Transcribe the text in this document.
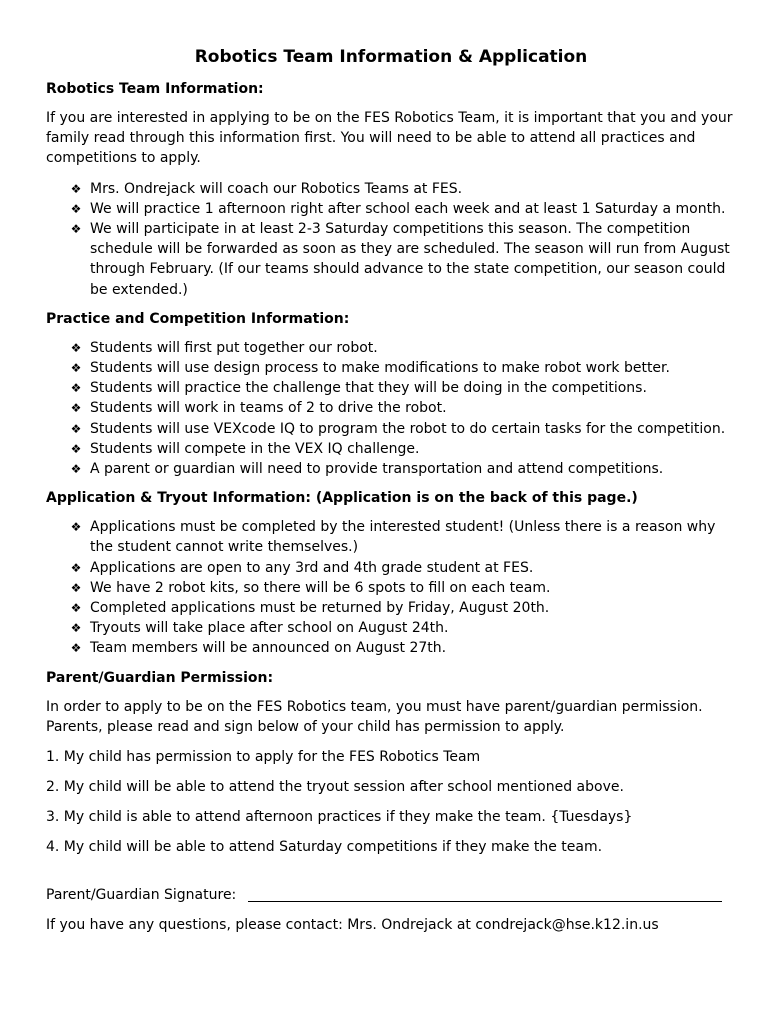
Robotics Team Information & Application
Robotics Team Information:
If you are interested in applying to be on the FES Robotics Team, it is important that you and your family read through this information first. You will need to be able to attend all practices and competitions to apply.
❖ Mrs. Ondrejack will coach our Robotics Teams at FES.
❖ We will practice 1 afternoon right after school each week and at least 1 Saturday a month.
❖ We will participate in at least 2-3 Saturday competitions this season. The competition schedule will be forwarded as soon as they are scheduled. The season will run from August through February. (If our teams should advance to the state competition, our season could be extended.)
Practice and Competition Information:
❖ Students will first put together our robot.
❖ Students will use design process to make modifications to make robot work better.
❖ Students will practice the challenge that they will be doing in the competitions.
❖ Students will work in teams of 2 to drive the robot.
❖ Students will use VEXcode IQ to program the robot to do certain tasks for the competition.
❖ Students will compete in the VEX IQ challenge.
❖ A parent or guardian will need to provide transportation and attend competitions.
Application & Tryout Information: (Application is on the back of this page.)
❖ Applications must be completed by the interested student! (Unless there is a reason why the student cannot write themselves.)
❖ Applications are open to any 3rd and 4th grade student at FES.
❖ We have 2 robot kits, so there will be 6 spots to fill on each team.
❖ Completed applications must be returned by Friday, August 20th.
❖ Tryouts will take place after school on August 24th.
❖ Team members will be announced on August 27th.
Parent/Guardian Permission:
In order to apply to be on the FES Robotics team, you must have parent/guardian permission. Parents, please read and sign below of your child has permission to apply.
1. My child has permission to apply for the FES Robotics Team
2. My child will be able to attend the tryout session after school mentioned above.
3. My child is able to attend afternoon practices if they make the team. {Tuesdays}
4. My child will be able to attend Saturday competitions if they make the team.
Parent/Guardian Signature:
If you have any questions, please contact: Mrs. Ondrejack at condrejack@hse.k12.in.us
